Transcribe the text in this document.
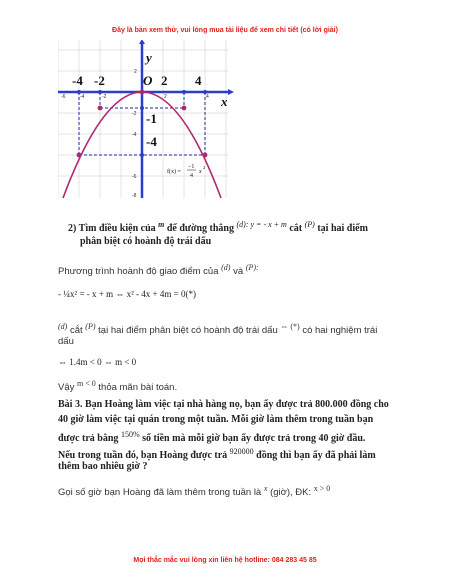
Đây là bản xem thử, vui lòng mua tài liệu để xem chi tiết (có lời giải)
-6	-4	-2	2	4
2
-2
-4
-6
-8
-4 -2	2 4
-1
-4
O
y
x
f(x) =
−1
4
x
2
2) Tìm điều kiện của $^m$ để đường thẳng $^{(d): y = - x + m}$ cắt $^{(P)}$ tại hai điểm
phân biệt có hoành độ trái dấu
Phương trình hoành độ giao điểm của $^{(d)}$ và $^{(P):}$
- ¼x² = - x + m ⇔ x² - 4x + 4m = 0(*)
$^{(d)}$ cắt $^{(P)}$ tại hai điểm phân biệt có hoành độ trái dấu ⇔ (*) có hai nghiệm trái
dấu
⇔ 1.4m < 0 ⇔ m < 0
Vậy $^{m < 0}$ thỏa mãn bài toán.
Bài 3. Bạn Hoàng làm việc tại nhà hàng nọ, bạn ấy được trả 800.000 đồng cho
40 giờ làm việc tại quán trong một tuần. Mỗi giờ làm thêm trong tuần bạn
được trả bằng $^{150\%}$ số tiền mà mỗi giờ bạn ấy được trả trong 40 giờ đầu.
Nếu trong tuần đó, bạn Hoàng được trả $^{920000}$ đồng thì bạn ấy đã phải làm
thêm bao nhiêu giờ ?
Gọi số giờ bạn Hoàng đã làm thêm trong tuần là $^x$ (giờ), ĐK: $^{x > 0}$
Mọi thắc mắc vui lòng xin liên hệ hotline: 084 283 45 85
